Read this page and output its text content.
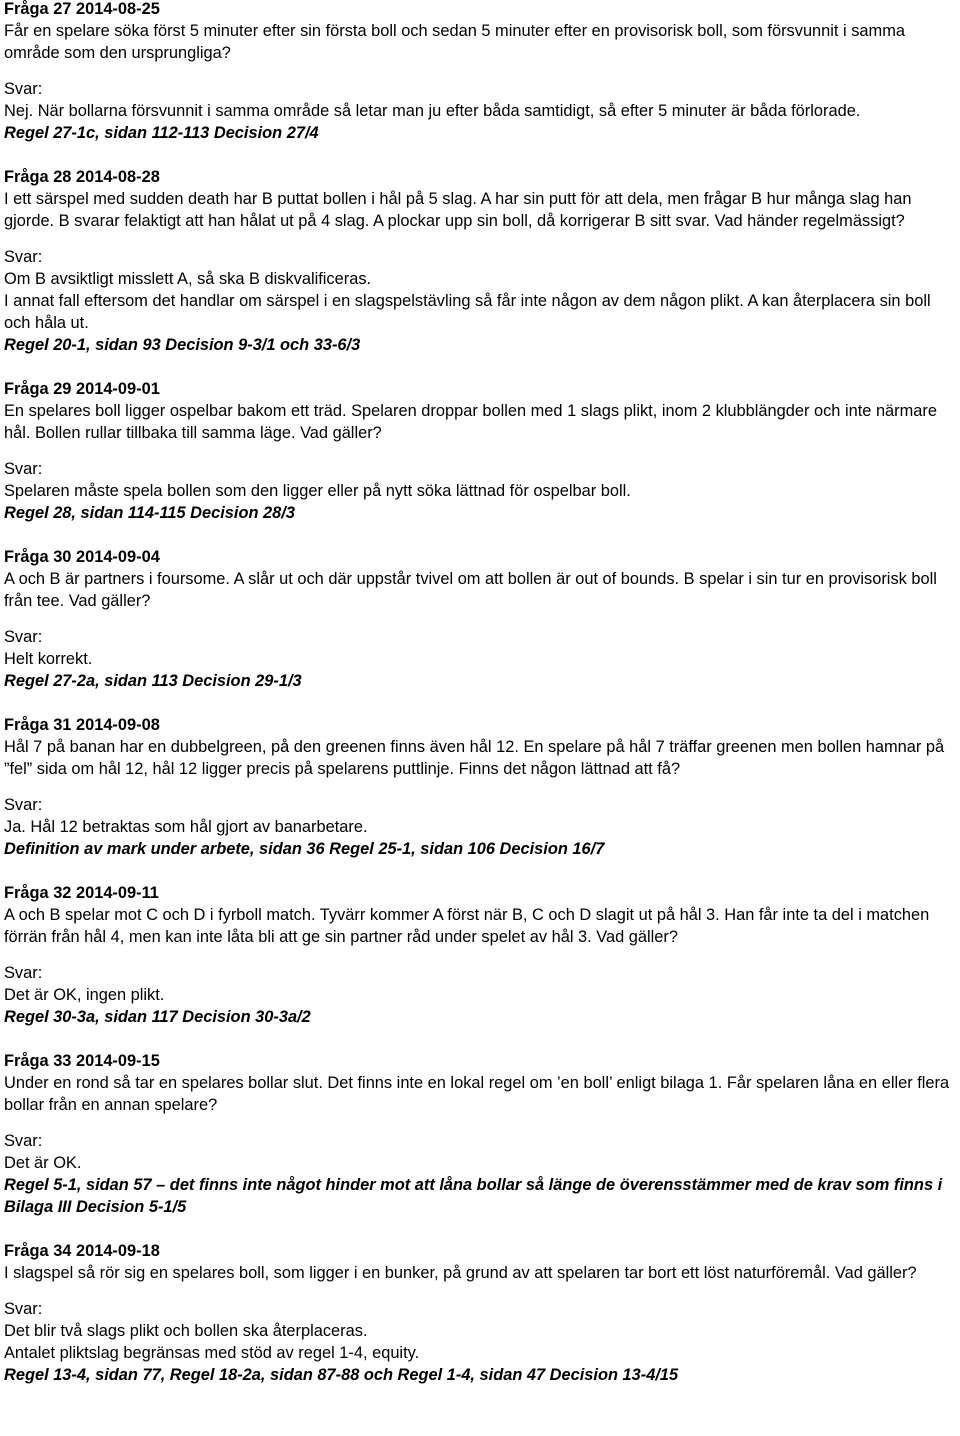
Fråga 27 2014-08-25
Får en spelare söka först 5 minuter efter sin första boll och sedan 5 minuter efter en provisorisk boll, som försvunnit i samma område som den ursprungliga?
Svar:
Nej. När bollarna försvunnit i samma område så letar man ju efter båda samtidigt, så efter 5 minuter är båda förlorade.
Regel 27-1c, sidan 112-113 Decision 27/4
Fråga 28 2014-08-28
I ett särspel med sudden death har B puttat bollen i hål på 5 slag. A har sin putt för att dela, men frågar B hur många slag han gjorde. B svarar felaktigt att han hålat ut på 4 slag. A plockar upp sin boll, då korrigerar B sitt svar. Vad händer regelmässigt?
Svar:
Om B avsiktligt misslett A, så ska B diskvalificeras.
I annat fall eftersom det handlar om särspel i en slagspelstävling så får inte någon av dem någon plikt. A kan återplacera sin boll och håla ut.
Regel 20-1, sidan 93 Decision 9-3/1 och 33-6/3
Fråga 29 2014-09-01
En spelares boll ligger ospelbar bakom ett träd. Spelaren droppar bollen med 1 slags plikt, inom 2 klubblängder och inte närmare hål. Bollen rullar tillbaka till samma läge. Vad gäller?
Svar:
Spelaren måste spela bollen som den ligger eller på nytt söka lättnad för ospelbar boll.
Regel 28, sidan 114-115 Decision 28/3
Fråga 30 2014-09-04
A och B är partners i foursome. A slår ut och där uppstår tvivel om att bollen är out of bounds. B spelar i sin tur en provisorisk boll från tee. Vad gäller?
Svar:
Helt korrekt.
Regel 27-2a, sidan 113 Decision 29-1/3
Fråga 31 2014-09-08
Hål 7 på banan har en dubbelgreen, på den greenen finns även hål 12. En spelare på hål 7 träffar greenen men bollen hamnar på ”fel” sida om hål 12, hål 12 ligger precis på spelarens puttlinje. Finns det någon lättnad att få?
Svar:
Ja. Hål 12 betraktas som hål gjort av banarbetare.
Definition av mark under arbete, sidan 36 Regel 25-1, sidan 106 Decision 16/7
Fråga 32 2014-09-11
A och B spelar mot C och D i fyrboll match. Tyvärr kommer A först när B, C och D slagit ut på hål 3. Han får inte ta del i matchen förrän från hål 4, men kan inte låta bli att ge sin partner råd under spelet av hål 3. Vad gäller?
Svar:
Det är OK, ingen plikt.
Regel 30-3a, sidan 117 Decision 30-3a/2
Fråga 33 2014-09-15
Under en rond så tar en spelares bollar slut. Det finns inte en lokal regel om ’en boll’ enligt bilaga 1. Får spelaren låna en eller flera bollar från en annan spelare?
Svar:
Det är OK.
Regel 5-1, sidan 57 – det finns inte något hinder mot att låna bollar så länge de överensstämmer med de krav som finns i Bilaga III Decision 5-1/5
Fråga 34 2014-09-18
I slagspel så rör sig en spelares boll, som ligger i en bunker, på grund av att spelaren tar bort ett löst naturföremål. Vad gäller?
Svar:
Det blir två slags plikt och bollen ska återplaceras.
Antalet pliktslag begränsas med stöd av regel 1-4, equity.
Regel 13-4, sidan 77, Regel 18-2a, sidan 87-88 och Regel 1-4, sidan 47 Decision 13-4/15
